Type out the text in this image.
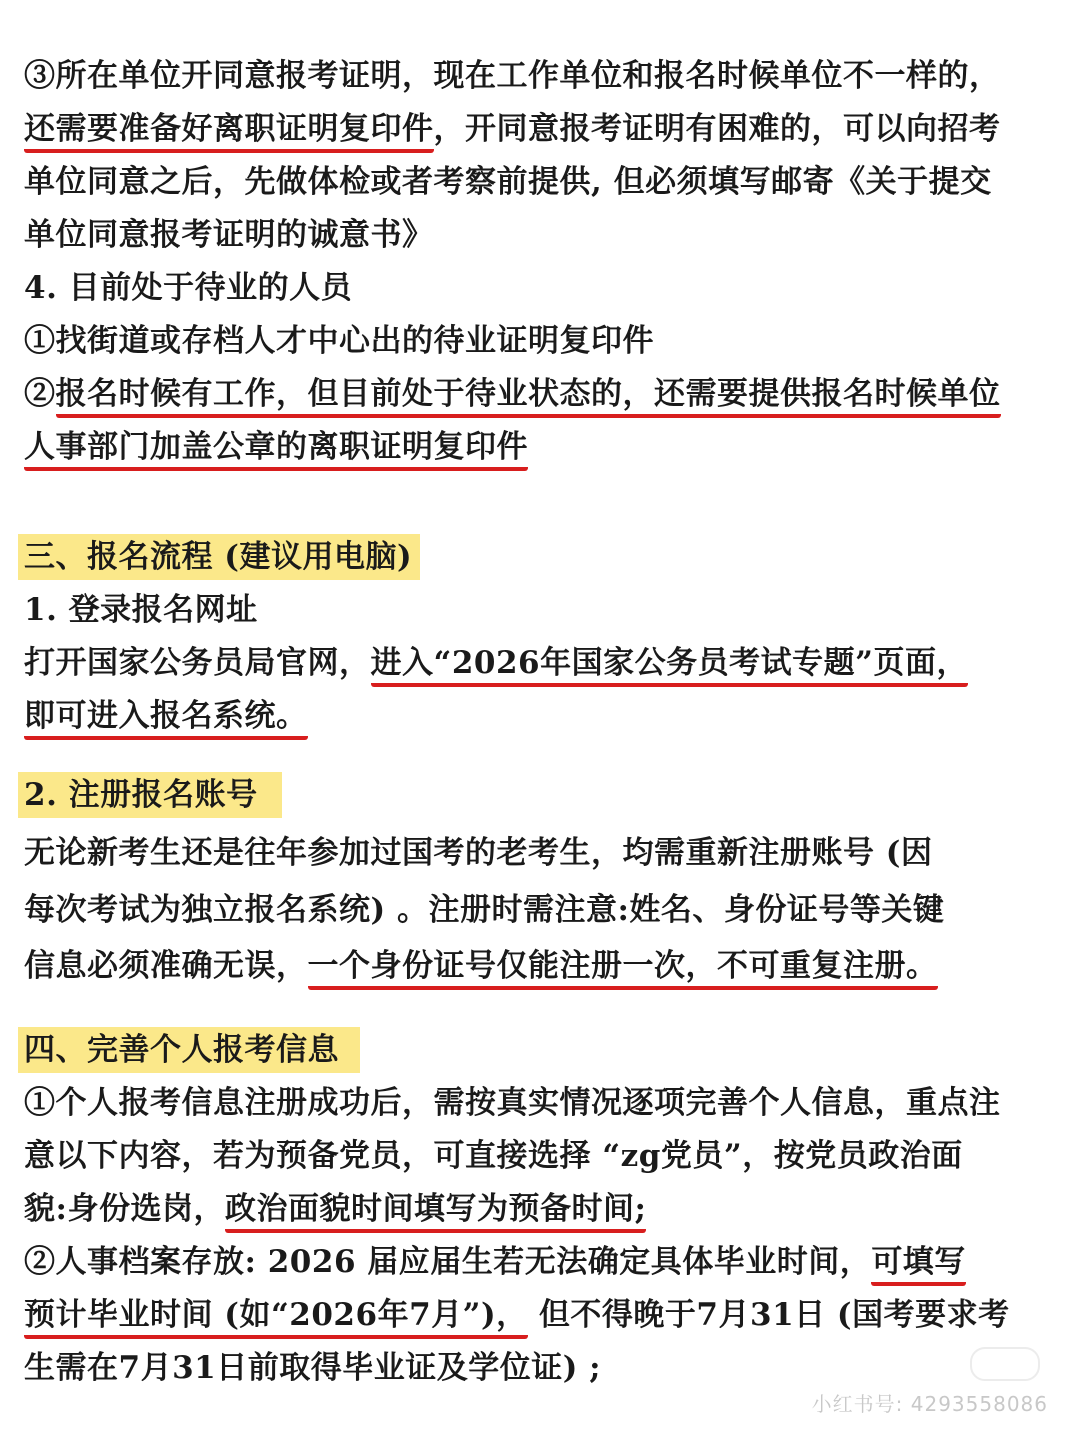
③所在单位开同意报考证明，现在工作单位和报名时候单位不一样的，
还需要准备好离职证明复印件，开同意报考证明有困难的，可以向招考
单位同意之后，先做体检或者考察前提供, 但必须填写邮寄《关于提交
单位同意报考证明的诚意书》
4. 目前处于待业的人员
①找街道或存档人才中心出的待业证明复印件
②报名时候有工作，但目前处于待业状态的，还需要提供报名时候单位
人事部门加盖公章的离职证明复印件
三、报名流程 (建议用电脑)
1. 登录报名网址
打开国家公务员局官网，进入“2026年国家公务员考试专题”页面，
即可进入报名系统。
2. 注册报名账号
无论新考生还是往年参加过国考的老考生，均需重新注册账号 (因
每次考试为独立报名系统) 。注册时需注意:姓名、身份证号等关键
信息必须准确无误，一个身份证号仅能注册一次，不可重复注册。
四、完善个人报考信息
①个人报考信息注册成功后，需按真实情况逐项完善个人信息，重点注
意以下内容，若为预备党员，可直接选择 “zg党员”，按党员政治面
貌:身份选岗，政治面貌时间填写为预备时间;
②人事档案存放: 2026 届应届生若无法确定具体毕业时间，可填写
预计毕业时间 (如“2026年7月”)， 但不得晚于7月31日 (国考要求考
生需在7月31日前取得毕业证及学位证) ;
小红书号: 4293558086
